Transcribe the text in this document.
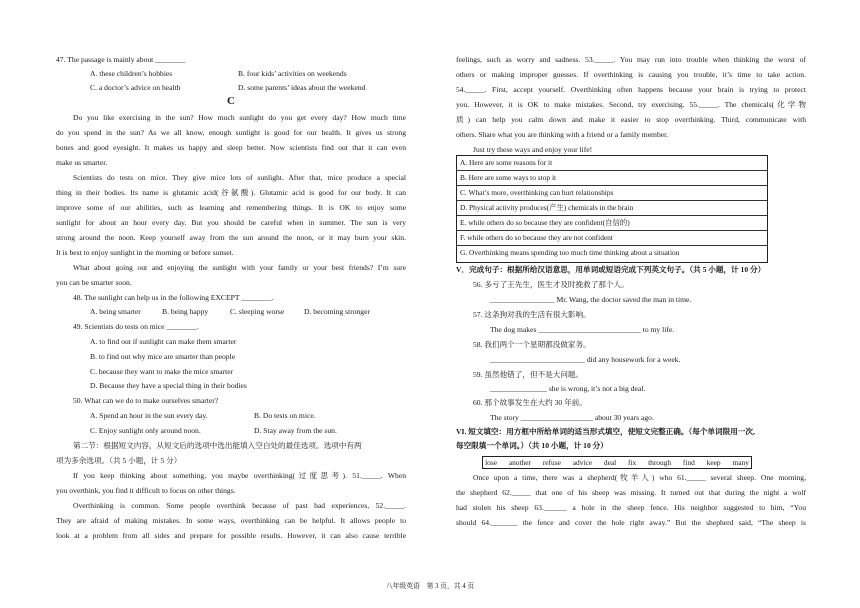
47. The passage is mainly about ________
A. these children’s hobbies	B. four kids’ activities on weekends
C. a doctor’s advice on health	D. some parents’ ideas about the weekend
C
Do you like exercising in the sun? How much sunlight do you get every day? How much time
do you spend in the sun? As we all know, enough sunlight is good for our health. It gives us strong
bones and good eyesight. It makes us happy and sleep better. Now scientists find out that it can even
make us smarter.
Scientists do tests on mice. They give mice lots of sunlight. After that, mice produce a special
thing in their bodies. Its name is glutamic acid(谷氨酸). Glutamic acid is good for our body. It can
improve some of our abilities, such as learning and remembering things. It is OK to enjoy some
sunlight for about an hour every day. But you should be careful when in summer. The sun is very
strong around the noon. Keep yourself away from the sun around the noon, or it may burn your skin.
It is best to enjoy sunlight in the morning or before sunset.
What about going out and enjoying the sunlight with your family or your best friends? I’m sure
you can be smarter soon.
48. The sunlight can help us in the following EXCEPT ________.
A. being smarter	B. being happy	C. sleeping worse	D. becoming stronger
49. Scientists do tests on mice ________.
A. to find out if sunlight can make them smarter
B. to find out why mice are smarter than people
C. because they want to make the mice smarter
D. Because they have a special thing in their bodies
50. What can we do to make ourselves smarter?
A. Spend an hour in the sun every day.	B. Do tests on mice.
C. Enjoy sunlight only around noon.	D. Stay away from the sun.
第二节：根据短文内容，从短文后的选项中选出能填入空白处的最佳选项。选项中有两
项为多余选项。（共 5 小题，计 5 分）
If you keep thinking about something, you maybe overthinking(过度思考). 51._____. When
you overthink, you find it difficult to focus on other things.
Overthinking is common. Some people overthink because of past bad experiences, 52._____.
They are afraid of making mistakes. In some ways, overthinking can be helpful. It allows people to
look at a problem from all sides and prepare for possible results. However, it can also cause terrible
feelings, such as worry and sadness. 53._____. You may run into trouble when thinking the worst of
others or making improper guesses. If overthinking is causing you trouble, it’s time to take action.
54._____. First, accept yourself. Overthinking often happens because your brain is trying to protect
you. However, it is OK to make mistakes. Second, try exercising. 55._____. The chemicals(化学物
质) can help you calm down and make it easier to stop overthinking. Third, communicate with
others. Share what you are thinking with a friend or a family member.
Just try these ways and enjoy your life!
A. Here are some reasons for it
B. Here are some ways to stop it
C. What’s more, overthinking can hurt relationships
D. Physical activity produces(产生) chemicals in the brain
E. while others do so because they are confident(自信的)
F. while others do so because they are not confident
G. Overthinking means spending too much time thinking about a situation
V．完成句子：根据所给汉语意思，用单词或短语完成下列英文句子。（共 5 小题，计 10 分）
56. 多亏了王先生，医生才及时挽救了那个人。
_________________ Mr. Wang, the doctor saved the man in time.
57. 这条狗对我的生活有很大影响。
The dog makes ___________________________ to my life.
58. 我们两个一个星期都没做家务。
_________________________ did any housework for a week.
59. 虽然他错了，但不是大问题。
_______________ she is wrong, it’s not a big deal.
60. 那个故事发生在大约 30 年前。
The story ___________________ about 30 years ago.
VI. 短文填空：用方框中所给单词的适当形式填空，使短文完整正确。（每个单词限用一次,
每空限填一个单词。）（共 10 小题，计 10 分）
lose another refuse advice deal fix through find keep many
Once upon a time, there was a shepherd(牧羊人) who 61._____ several sheep. One morning,
the shepherd 62._____ that one of his sheep was missing. It turned out that during the night a wolf
had stolen his sheep 63.______ a hole in the sheep fence. His neighbor suggested to him, “You
should 64._______ the fence and cover the hole right away.” But the shepherd said, “The sheep is
八年级英语　第 3 页，共 4 页
